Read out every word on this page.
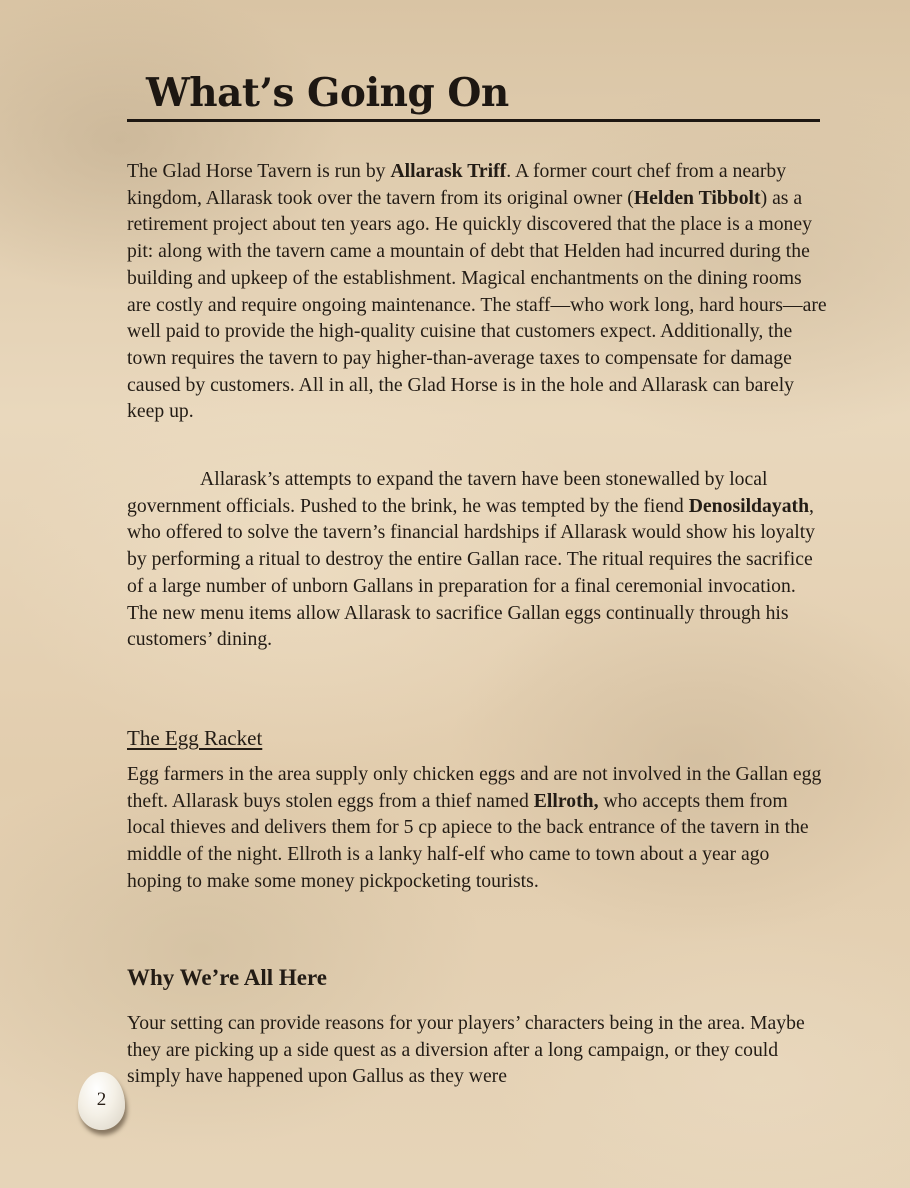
What’s Going On

The Glad Horse Tavern is run by Allarask Triff. A former court chef from a nearby kingdom, Allarask took over the tavern from its original owner (Helden Tibbolt) as a retirement project about ten years ago. He quickly discovered that the place is a money pit: along with the tavern came a mountain of debt that Helden had incurred during the building and upkeep of the establishment. Magical enchantments on the dining rooms are costly and require ongoing maintenance. The staff—who work long, hard hours—are well paid to provide the high-quality cuisine that customers expect. Additionally, the town requires the tavern to pay higher-than-average taxes to compensate for damage caused by customers. All in all, the Glad Horse is in the hole and Allarask can barely keep up.

Allarask’s attempts to expand the tavern have been stonewalled by local government officials. Pushed to the brink, he was tempted by the fiend Denosildayath, who offered to solve the tavern’s financial hardships if Allarask would show his loyalty by performing a ritual to destroy the entire Gallan race. The ritual requires the sacrifice of a large number of unborn Gallans in preparation for a final ceremonial invocation. The new menu items allow Allarask to sacrifice Gallan eggs continually through his customers’ dining.

The Egg Racket

Egg farmers in the area supply only chicken eggs and are not involved in the Gallan egg theft. Allarask buys stolen eggs from a thief named Ellroth, who accepts them from local thieves and delivers them for 5 cp apiece to the back entrance of the tavern in the middle of the night. Ellroth is a lanky half-elf who came to town about a year ago hoping to make some money pickpocketing tourists.

Why We’re All Here

Your setting can provide reasons for your players’ characters being in the area. Maybe they are picking up a side quest as a diversion after a long campaign, or they could simply have happened upon Gallus as they were

2
